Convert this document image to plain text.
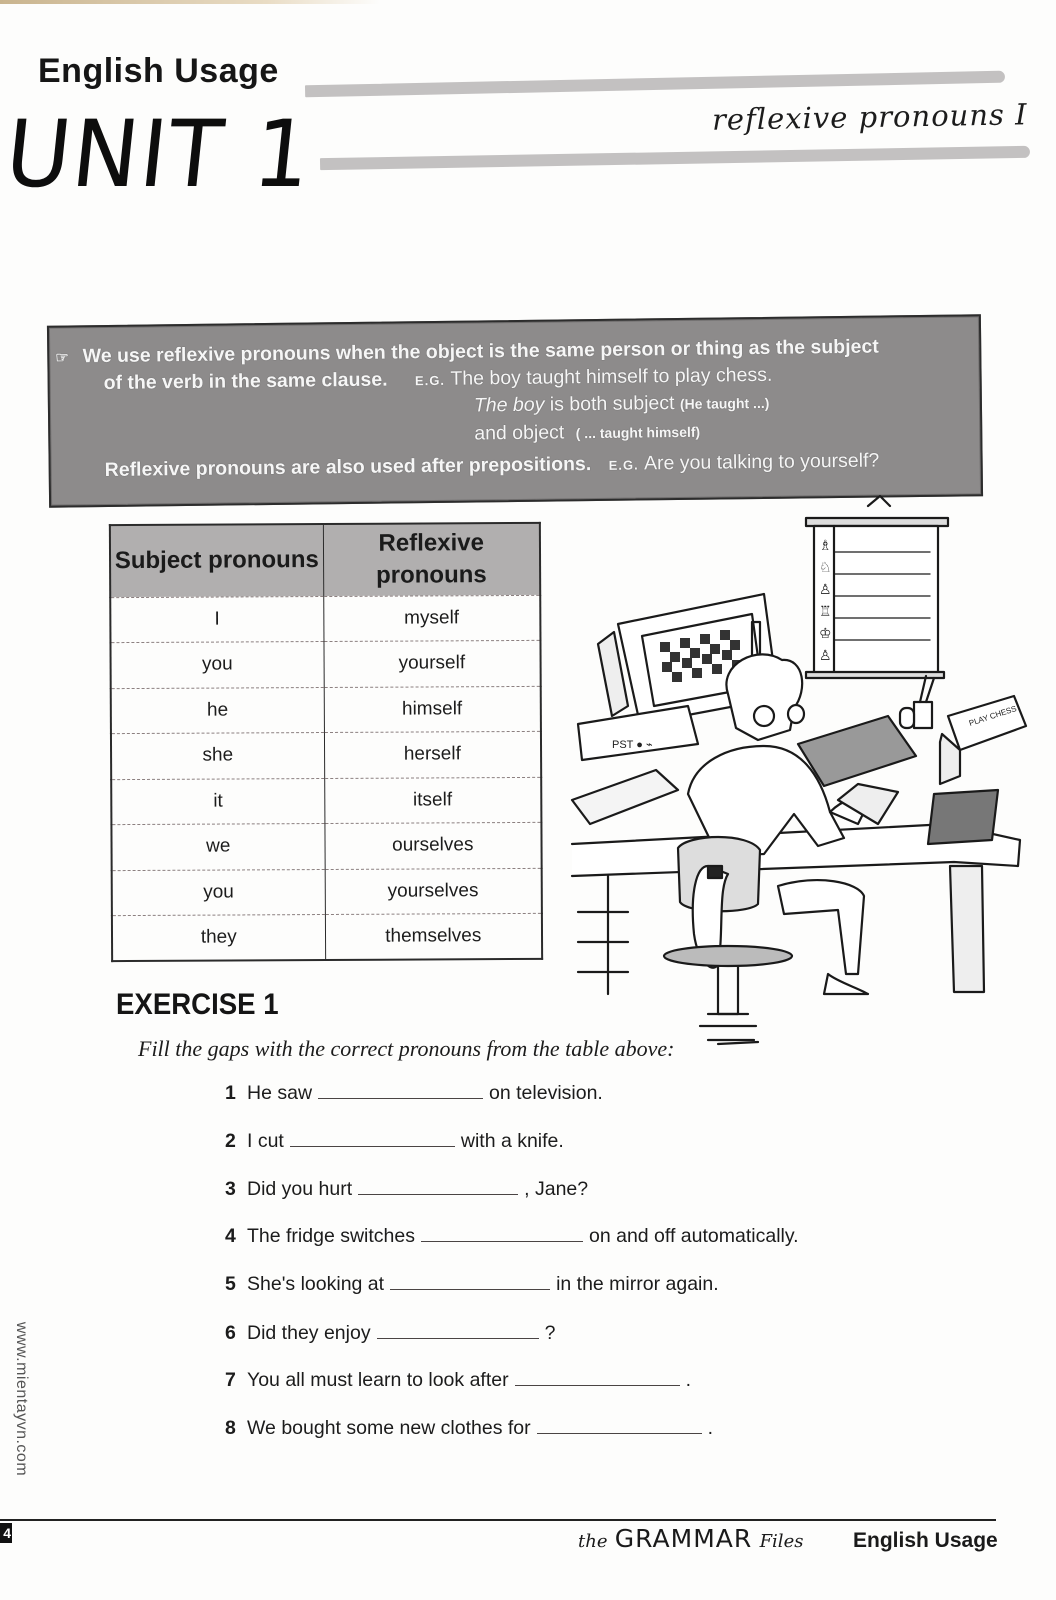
English Usage
UNIT 1	reflexive pronouns I
☞ We use reflexive pronouns when the object is the same person or thing as the subject
of the verb in the same clause. E.G. The boy taught himself to play chess.
The boy is both subject (He taught ...)
and object ( ... taught himself)
Reflexive pronouns are also used after prepositions. E.G. Are you talking to yourself?
Subject pronouns	Reflexive pronouns
I	myself
you	yourself
he	himself
she	herself
it	itself
we	ourselves
you	yourselves
they	themselves
♗
♘
♙
♖
♔
♙
PST ● ⌁
PLAY CHESS
EXERCISE 1
Fill the gaps with the correct pronouns from the table above:
1 He saw	on television.
2 I cut	with a knife.
3 Did you hurt	, Jane?
4 The fridge switches	on and off automatically.
5 She's looking at	in the mirror again.
6 Did they enjoy	?
7 You all must learn to look after	.
8 We bought some new clothes for	.
www.mientayvn.com
4	the GRAMMAR Files English Usage
